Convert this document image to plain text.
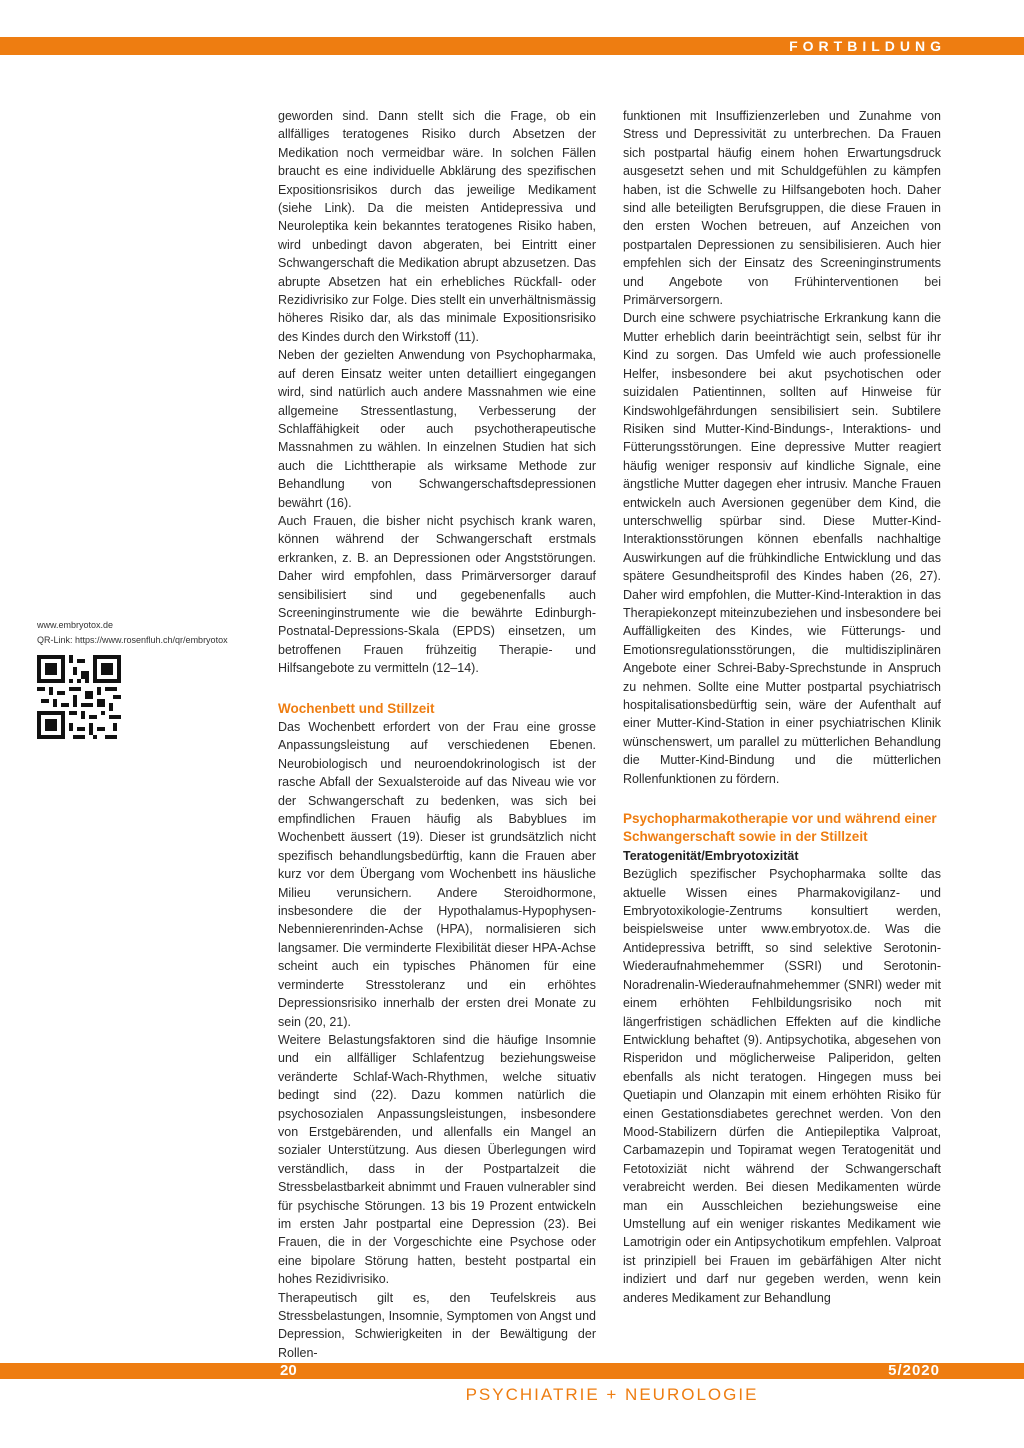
FORTBILDUNG
www.embryotox.de
QR-Link: https://www.rosenfluh.ch/qr/embryotox

geworden sind. Dann stellt sich die Frage, ob ein allfälliges teratogenes Risiko durch Absetzen der Medikation noch vermeidbar wäre. In solchen Fällen braucht es eine individuelle Abklärung des spezifischen Expositionsrisikos durch das jeweilige Medikament (siehe Link). Da die meisten Antidepressiva und Neuroleptika kein bekanntes teratogenes Risiko haben, wird unbedingt davon abgeraten, bei Eintritt einer Schwangerschaft die Medikation abrupt abzusetzen. Das abrupte Absetzen hat ein erhebliches Rückfall- oder Rezidivrisiko zur Folge. Dies stellt ein unverhältnismässig höheres Risiko dar, als das minimale Expositionsrisiko des Kindes durch den Wirkstoff (11).

Neben der gezielten Anwendung von Psychopharmaka, auf deren Einsatz weiter unten detailliert eingegangen wird, sind natürlich auch andere Massnahmen wie eine allgemeine Stressentlastung, Verbesserung der Schlaffähigkeit oder auch psychotherapeutische Massnahmen zu wählen. In einzelnen Studien hat sich auch die Lichttherapie als wirksame Methode zur Behandlung von Schwangerschaftsdepressionen bewährt (16).

Auch Frauen, die bisher nicht psychisch krank waren, können während der Schwangerschaft erstmals erkranken, z. B. an Depressionen oder Angststörungen. Daher wird empfohlen, dass Primärversorger darauf sensibilisiert sind und gegebenenfalls auch Screeninginstrumente wie die bewährte Edinburgh-Postnatal-Depressions-Skala (EPDS) einsetzen, um betroffenen Frauen frühzeitig Therapie- und Hilfsangebote zu vermitteln (12–14).

Wochenbett und Stillzeit

Das Wochenbett erfordert von der Frau eine grosse Anpassungsleistung auf verschiedenen Ebenen. Neurobiologisch und neuroendokrinologisch ist der rasche Abfall der Sexualsteroide auf das Niveau wie vor der Schwangerschaft zu bedenken, was sich bei empfindlichen Frauen häufig als Babyblues im Wochenbett äussert (19). Dieser ist grundsätzlich nicht spezifisch behandlungsbedürftig, kann die Frauen aber kurz vor dem Übergang vom Wochenbett ins häusliche Milieu verunsichern. Andere Steroidhormone, insbesondere die der Hypothalamus-Hypophysen-Nebennierenrinden-Achse (HPA), normalisieren sich langsamer. Die verminderte Flexibilität dieser HPA-Achse scheint auch ein typisches Phänomen für eine verminderte Stresstoleranz und ein erhöhtes Depressionsrisiko innerhalb der ersten drei Monate zu sein (20, 21).

Weitere Belastungsfaktoren sind die häufige Insomnie und ein allfälliger Schlafentzug beziehungsweise veränderte Schlaf-Wach-Rhythmen, welche situativ bedingt sind (22). Dazu kommen natürlich die psychosozialen Anpassungsleistungen, insbesondere von Erstgebärenden, und allenfalls ein Mangel an sozialer Unterstützung. Aus diesen Überlegungen wird verständlich, dass in der Postpartalzeit die Stressbelastbarkeit abnimmt und Frauen vulnerabler sind für psychische Störungen. 13 bis 19 Prozent entwickeln im ersten Jahr postpartal eine Depression (23). Bei Frauen, die in der Vorgeschichte eine Psychose oder eine bipolare Störung hatten, besteht postpartal ein hohes Rezidivrisiko.

Therapeutisch gilt es, den Teufelskreis aus Stressbelastungen, Insomnie, Symptomen von Angst und Depression, Schwierigkeiten in der Bewältigung der Rollen-

funktionen mit Insuffizienzerleben und Zunahme von Stress und Depressivität zu unterbrechen. Da Frauen sich postpartal häufig einem hohen Erwartungsdruck ausgesetzt sehen und mit Schuldgefühlen zu kämpfen haben, ist die Schwelle zu Hilfsangeboten hoch. Daher sind alle beteiligten Berufsgruppen, die diese Frauen in den ersten Wochen betreuen, auf Anzeichen von postpartalen Depressionen zu sensibilisieren. Auch hier empfehlen sich der Einsatz des Screeninginstruments und Angebote von Frühinterventionen bei Primärversorgern.

Durch eine schwere psychiatrische Erkrankung kann die Mutter erheblich darin beeinträchtigt sein, selbst für ihr Kind zu sorgen. Das Umfeld wie auch professionelle Helfer, insbesondere bei akut psychotischen oder suizidalen Patientinnen, sollten auf Hinweise für Kindswohlgefährdungen sensibilisiert sein. Subtilere Risiken sind Mutter-Kind-Bindungs-, Interaktions- und Fütterungsstörungen. Eine depressive Mutter reagiert häufig weniger responsiv auf kindliche Signale, eine ängstliche Mutter dagegen eher intrusiv. Manche Frauen entwickeln auch Aversionen gegenüber dem Kind, die unterschwellig spürbar sind. Diese Mutter-Kind-Interaktionsstörungen können ebenfalls nachhaltige Auswirkungen auf die frühkindliche Entwicklung und das spätere Gesundheitsprofil des Kindes haben (26, 27). Daher wird empfohlen, die Mutter-Kind-Interaktion in das Therapiekonzept miteinzubeziehen und insbesondere bei Auffälligkeiten des Kindes, wie Fütterungs- und Emotionsregulationsstörungen, die multidisziplinären Angebote einer Schrei-Baby-Sprechstunde in Anspruch zu nehmen. Sollte eine Mutter postpartal psychiatrisch hospitalisationsbedürftig sein, wäre der Aufenthalt auf einer Mutter-Kind-Station in einer psychiatrischen Klinik wünschenswert, um parallel zu mütterlichen Behandlung die Mutter-Kind-Bindung und die mütterlichen Rollenfunktionen zu fördern.

Psychopharmakotherapie vor und während einer Schwangerschaft sowie in der Stillzeit
Teratogenität/Embryotoxizität

Bezüglich spezifischer Psychopharmaka sollte das aktuelle Wissen eines Pharmakovigilanz- und Embryotoxikologie-Zentrums konsultiert werden, beispielsweise unter www.embryotox.de. Was die Antidepressiva betrifft, so sind selektive Serotonin-Wiederaufnahmehemmer (SSRI) und Serotonin-Noradrenalin-Wiederaufnahmehemmer (SNRI) weder mit einem erhöhten Fehlbildungsrisiko noch mit längerfristigen schädlichen Effekten auf die kindliche Entwicklung behaftet (9). Antipsychotika, abgesehen von Risperidon und möglicherweise Paliperidon, gelten ebenfalls als nicht teratogen. Hingegen muss bei Quetiapin und Olanzapin mit einem erhöhten Risiko für einen Gestationsdiabetes gerechnet werden. Von den Mood-Stabilizern dürfen die Antiepileptika Valproat, Carbamazepin und Topiramat wegen Teratogenität und Fetotoxiziät nicht während der Schwangerschaft verabreicht werden. Bei diesen Medikamenten würde man ein Ausschleichen beziehungsweise eine Umstellung auf ein weniger riskantes Medikament wie Lamotrigin oder ein Antipsychotikum empfehlen. Valproat ist prinzipiell bei Frauen im gebärfähigen Alter nicht indiziert und darf nur gegeben werden, wenn kein anderes Medikament zur Behandlung

20	5/2020
PSYCHIATRIE + NEUROLOGIE
